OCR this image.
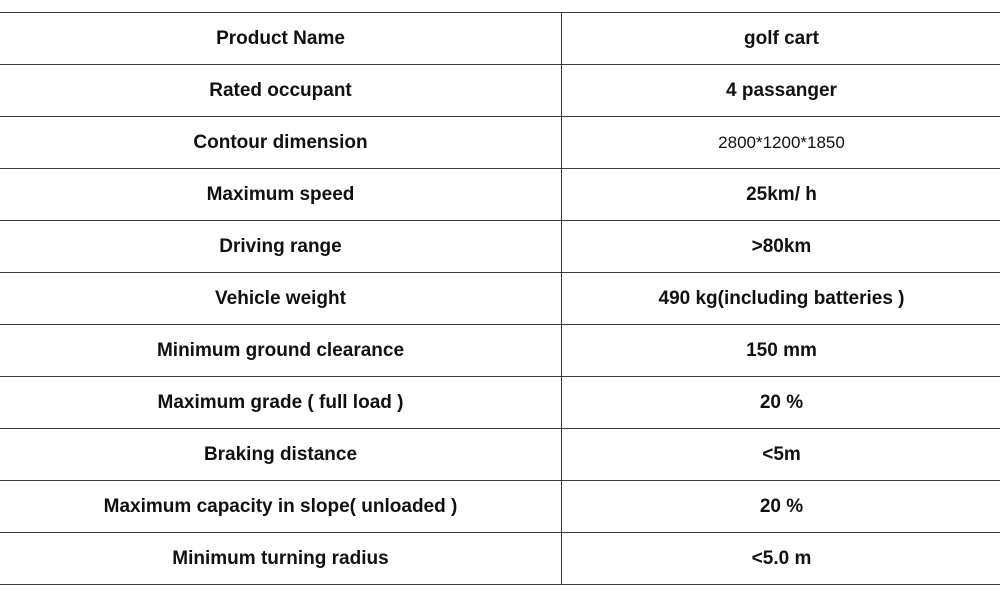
Product Name	golf cart
Rated occupant	4 passanger
Contour dimension	2800*1200*1850
Maximum speed	25km/ h
Driving range	>80km
Vehicle weight	490 kg(including batteries )
Minimum ground clearance	150 mm
Maximum grade ( full load )	20 %
Braking distance	<5m
Maximum capacity in slope( unloaded )	20 %
Minimum turning radius	<5.0 m
